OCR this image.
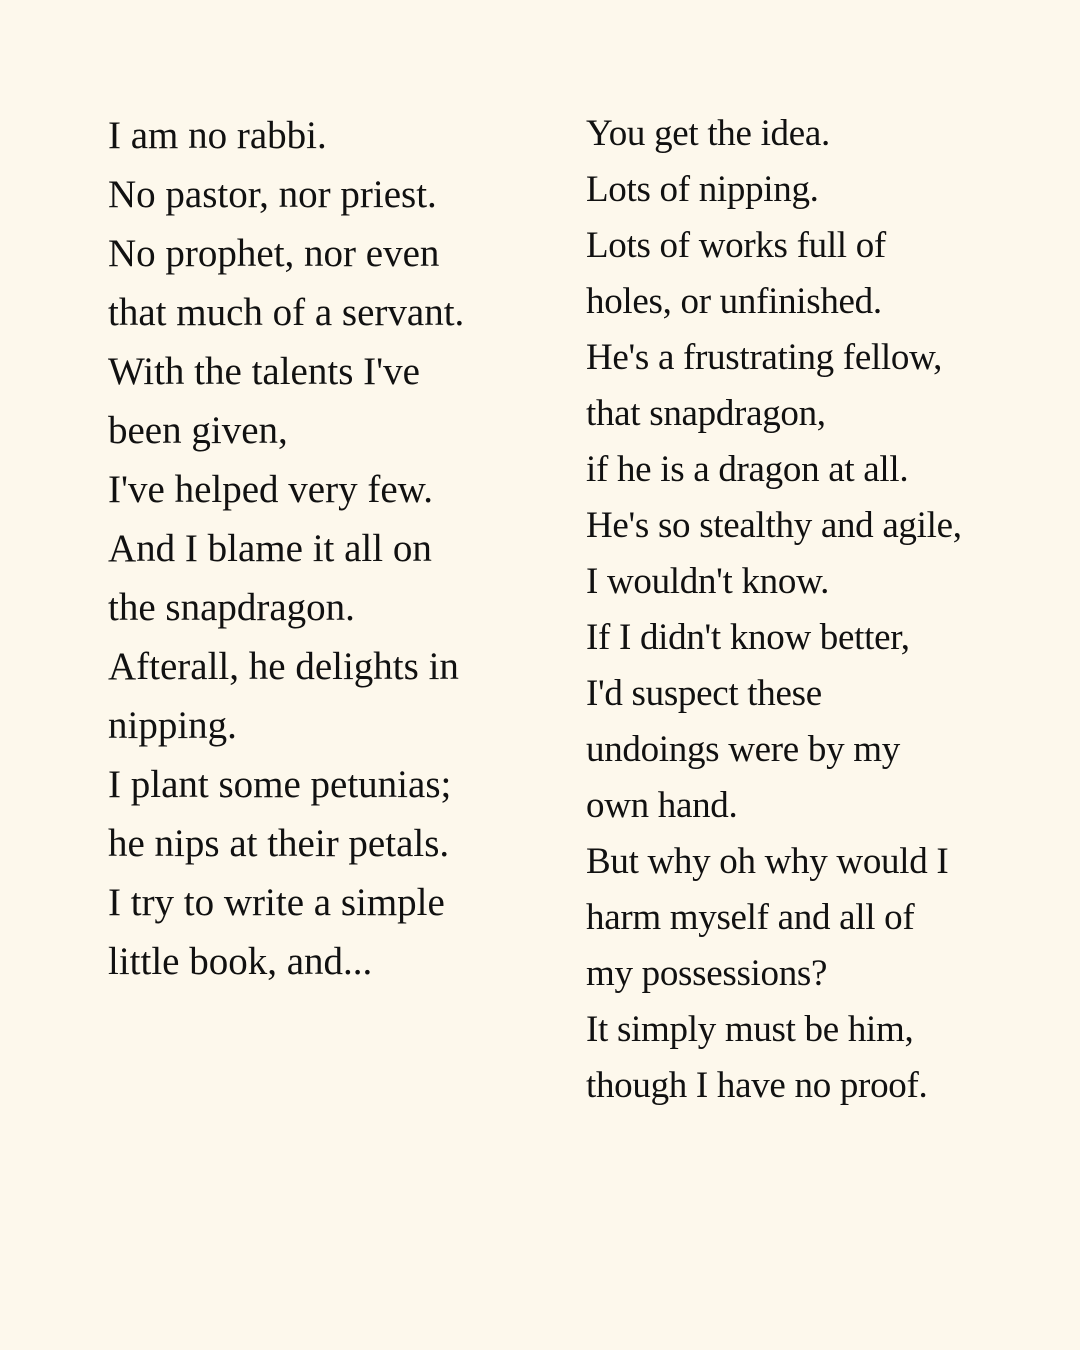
I am no rabbi.
No pastor, nor priest.
No prophet, nor even
that much of a servant.
With the talents I've
been given,
I've helped very few.
And I blame it all on
the snapdragon.
Afterall, he delights in
nipping.
I plant some petunias;
he nips at their petals.
I try to write a simple
little book, and...
You get the idea.
Lots of nipping.
Lots of works full of
holes, or unfinished.
He's a frustrating fellow,
that snapdragon,
if he is a dragon at all.
He's so stealthy and agile,
I wouldn't know.
If I didn't know better,
I'd suspect these
undoings were by my
own hand.
But why oh why would I
harm myself and all of
my possessions?
It simply must be him,
though I have no proof.
